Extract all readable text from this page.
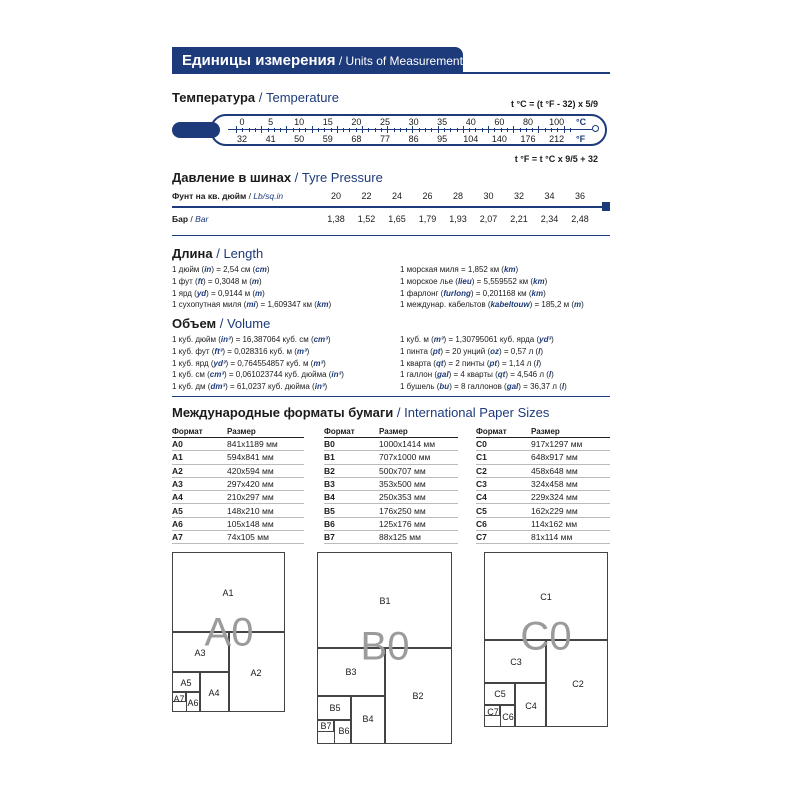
Единицы измерения / Units of Measurement
Температура / Temperature	t °C = (t °F - 32) x 5/9
0	5 10 15 20 25 30 35 40 60 80 100
32 41 50 59 68 77 86 95 104 140 176 212
°C
°F
t °F = t °C x 9/5 + 32
Давление в шинах / Tyre Pressure
Фунт на кв. дюйм / Lb/sq.in	20 22 24 26 28 30 32 34 36
Бар / Bar	1,38 1,52 1,65 1,79 1,93 2,07 2,21 2,34 2,48
Длина / Length
1 дюйм (in) = 2,54 см (cm)
1 фут (ft) = 0,3048 м (m)
1 ярд (yd) = 0,9144 м (m)
1 сухопутная миля (mi) = 1,609347 км (km)
1 морская миля = 1,852 км (km)
1 морское лье (lieu) = 5,559552 км (km)
1 фарлонг (furlong) = 0,201168 км (km)
1 междунар. кабельтов (kabeltouw) = 185,2 м (m)
Объем / Volume
1 куб. дюйм (in³) = 16,387064 куб. см (cm³)
1 куб. фут (ft³) = 0,028316 куб. м (m³)
1 куб. ярд (yd³) = 0,764554857 куб. м (m³)
1 куб. см (cm³) = 0,061023744 куб. дюйма (in³)
1 куб. дм (dm³) = 61,0237 куб. дюйма (in³)
1 куб. м (m³) = 1,30795061 куб. ярда (yd³)
1 пинта (pt) = 20 унций (oz) = 0,57 л (l)
1 кварта (qt) = 2 пинты (pt) = 1,14 л (l)
1 галлон (gal) = 4 кварты (qt) = 4,546 л (l)
1 бушель (bu) = 8 галлонов (gal) = 36,37 л (l)
Международные форматы бумаги / International Paper Sizes
Формат	Размер
A0	841x1189 мм
A1	594x841 мм
A2	420x594 мм
A3	297x420 мм
A4	210x297 мм
A5	148x210 мм
A6	105x148 мм
A7	74x105 мм
Формат	Размер
B0	1000x1414 мм
B1	707x1000 мм
B2	500x707 мм
B3	353x500 мм
B4	250x353 мм
B5	176x250 мм
B6	125x176 мм
B7	88x125 мм
Формат	Размер
C0	917x1297 мм
C1	648x917 мм
C2	458x648 мм
C3	324x458 мм
C4	229x324 мм
C5	162x229 мм
C6	114x162 мм
C7	81x114 мм
A1
A2
A3
A4
A5
A6
A7
A0
B1
B2
B3
B4
B5
B6
B7
B0
C1
C2
C3
C4
C5
C6
C7
C0
